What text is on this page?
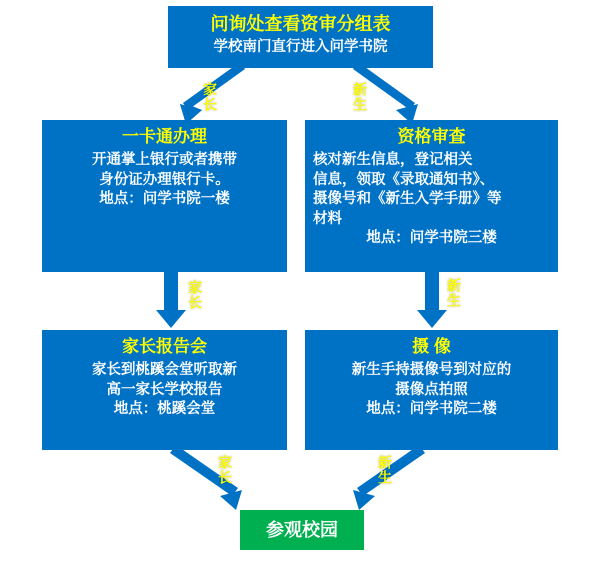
家长	新生
家长	新生
家长	新生
问询处查看资审分组表
学校南门直行进入问学书院
一卡通办理
开通掌上银行或者携带
身份证办理银行卡。
地点：问学书院一楼
资格审查
核对新生信息，登记相关
信息，领取《录取通知书》、
摄像号和《新生入学手册》等
材料
地点：问学书院三楼
家长报告会
家长到桃蹊会堂听取新
高一家长学校报告
地点：桃蹊会堂
摄 像
新生手持摄像号到对应的
摄像点拍照
地点：问学书院二楼
参观校园
